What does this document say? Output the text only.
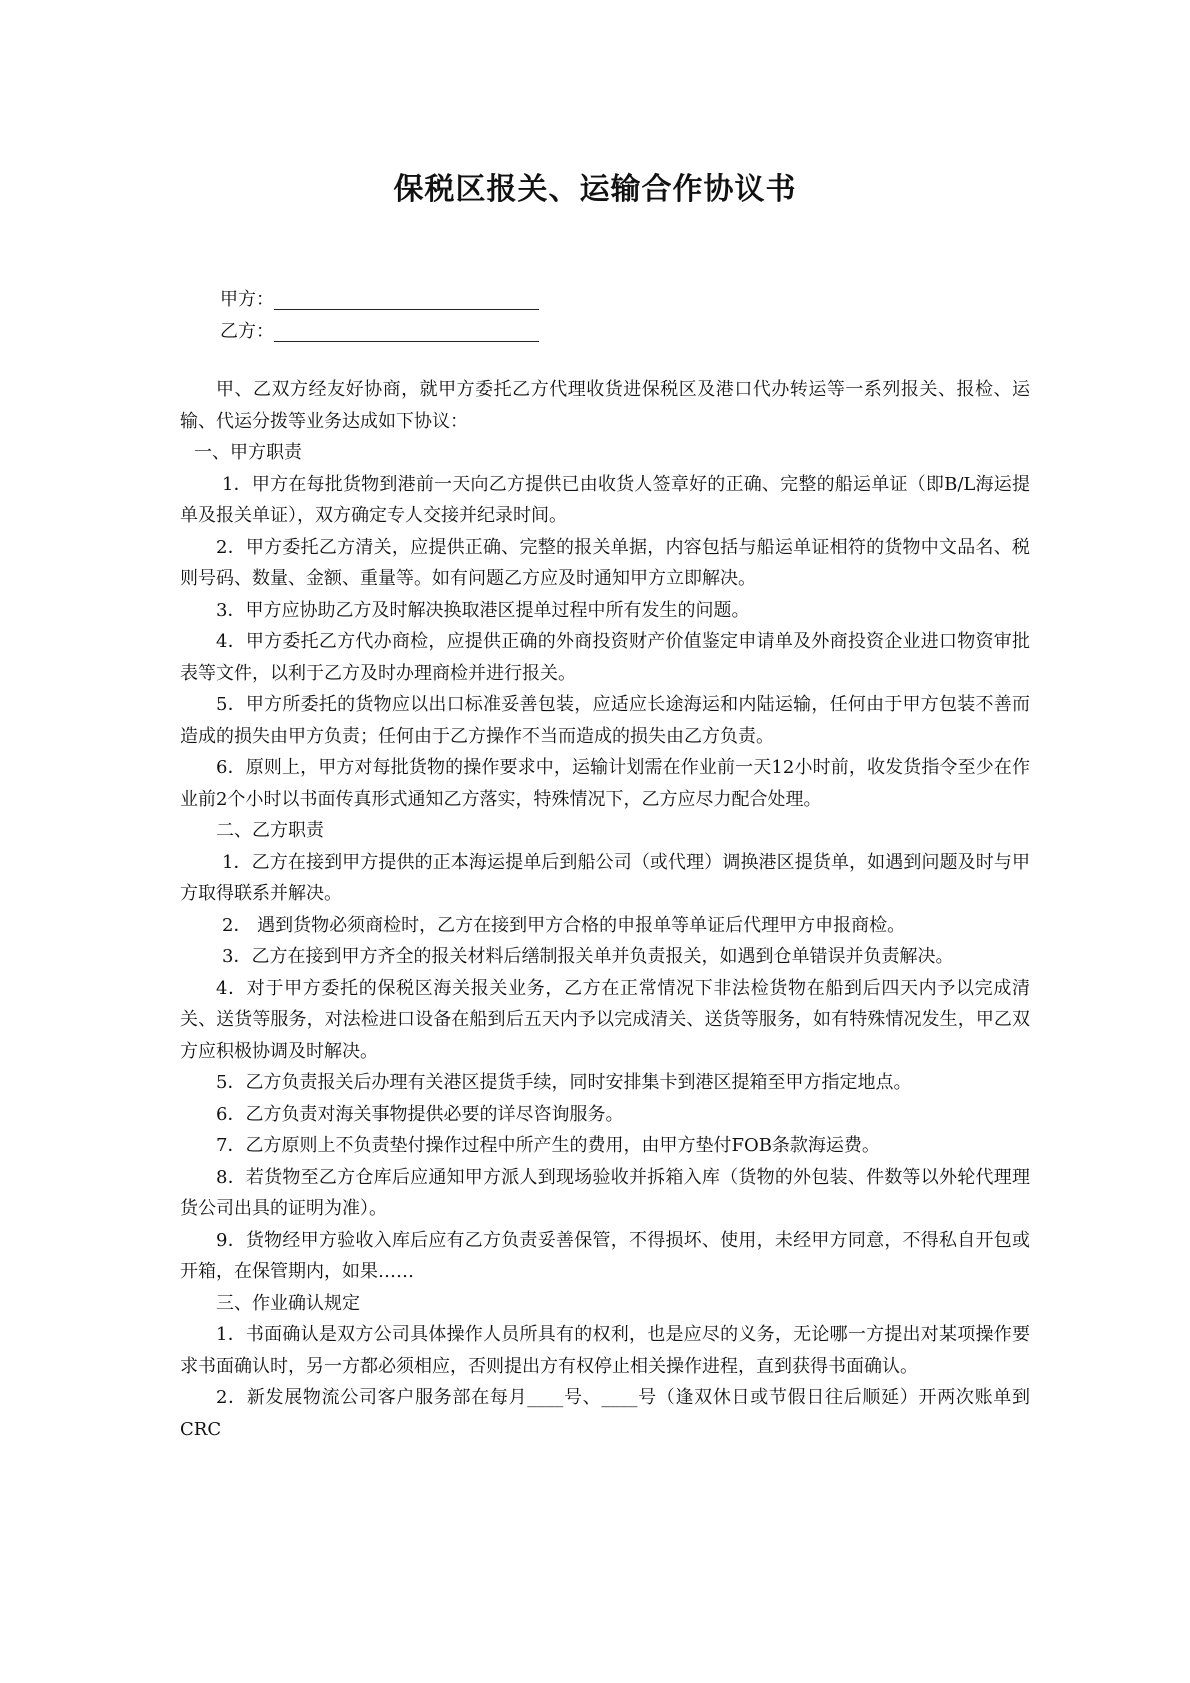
保税区报关、运输合作协议书
甲方：
乙方：

甲、乙双方经友好协商，就甲方委托乙方代理收货进保税区及港口代办转运等一系列报关、报检、运输、代运分拨等业务达成如下协议：

一、甲方职责

1．甲方在每批货物到港前一天向乙方提供已由收货人签章好的正确、完整的船运单证（即B/L海运提单及报关单证），双方确定专人交接并纪录时间。

2．甲方委托乙方清关，应提供正确、完整的报关单据，内容包括与船运单证相符的货物中文品名、税则号码、数量、金额、重量等。如有问题乙方应及时通知甲方立即解决。

3．甲方应协助乙方及时解决换取港区提单过程中所有发生的问题。

4．甲方委托乙方代办商检，应提供正确的外商投资财产价值鉴定申请单及外商投资企业进口物资审批表等文件，以利于乙方及时办理商检并进行报关。

5．甲方所委托的货物应以出口标准妥善包装，应适应长途海运和内陆运输，任何由于甲方包装不善而造成的损失由甲方负责；任何由于乙方操作不当而造成的损失由乙方负责。

6．原则上，甲方对每批货物的操作要求中，运输计划需在作业前一天12小时前，收发货指令至少在作业前2个小时以书面传真形式通知乙方落实，特殊情况下，乙方应尽力配合处理。

二、乙方职责

1．乙方在接到甲方提供的正本海运提单后到船公司（或代理）调换港区提货单，如遇到问题及时与甲方取得联系并解决。

2． 遇到货物必须商检时，乙方在接到甲方合格的申报单等单证后代理甲方申报商检。

3．乙方在接到甲方齐全的报关材料后缮制报关单并负责报关，如遇到仓单错误并负责解决。

4．对于甲方委托的保税区海关报关业务，乙方在正常情况下非法检货物在船到后四天内予以完成清关、送货等服务，对法检进口设备在船到后五天内予以完成清关、送货等服务，如有特殊情况发生，甲乙双方应积极协调及时解决。

5．乙方负责报关后办理有关港区提货手续，同时安排集卡到港区提箱至甲方指定地点。

6．乙方负责对海关事物提供必要的详尽咨询服务。

7．乙方原则上不负责垫付操作过程中所产生的费用，由甲方垫付FOB条款海运费。

8．若货物至乙方仓库后应通知甲方派人到现场验收并拆箱入库（货物的外包装、件数等以外轮代理理货公司出具的证明为准）。

9．货物经甲方验收入库后应有乙方负责妥善保管，不得损坏、使用，未经甲方同意，不得私自开包或开箱，在保管期内，如果……

三、作业确认规定

1．书面确认是双方公司具体操作人员所具有的权利，也是应尽的义务，无论哪一方提出对某项操作要求书面确认时，另一方都必须相应，否则提出方有权停止相关操作进程，直到获得书面确认。

2．新发展物流公司客户服务部在每月____号、____号（逢双休日或节假日往后顺延）开两次账单到CRC
